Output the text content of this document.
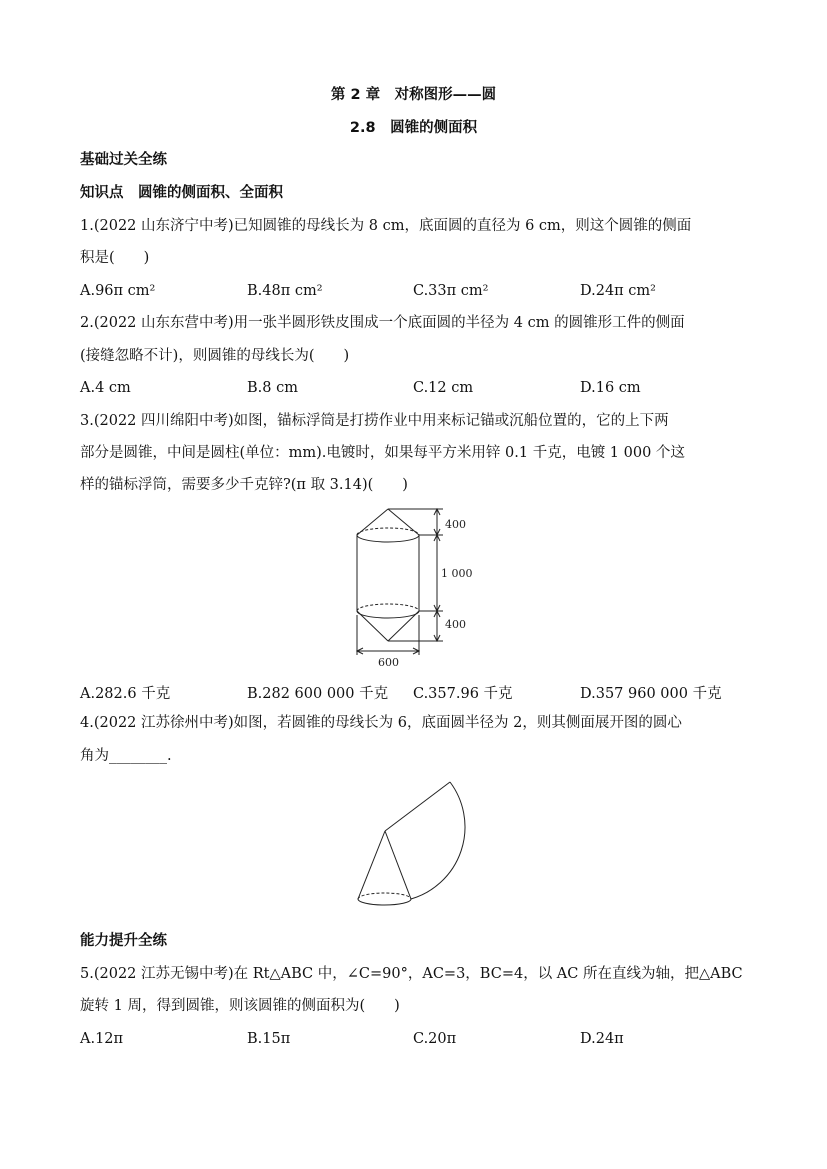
第 2 章　对称图形——圆
2.8　圆锥的侧面积
基础过关全练
知识点　圆锥的侧面积、全面积
1.(2022 山东济宁中考)已知圆锥的母线长为 8 cm，底面圆的直径为 6 cm，则这个圆锥的侧面
积是(　　)
A.96π cm²	B.48π cm²	C.33π cm²	D.24π cm²
2.(2022 山东东营中考)用一张半圆形铁皮围成一个底面圆的半径为 4 cm 的圆锥形工件的侧面
(接缝忽略不计)，则圆锥的母线长为(　　)
A.4 cm	B.8 cm	C.12 cm	D.16 cm
3.(2022 四川绵阳中考)如图，锚标浮筒是打捞作业中用来标记锚或沉船位置的，它的上下两
部分是圆锥，中间是圆柱(单位：mm).电镀时，如果每平方米用锌 0.1 千克，电镀 1 000 个这
样的锚标浮筒，需要多少千克锌?(π 取 3.14)(　　)
400
1 000
400
600
A.282.6 千克	B.282 600 000 千克 C.357.96 千克	D.357 960 000 千克
4.(2022 江苏徐州中考)如图，若圆锥的母线长为 6，底面圆半径为 2，则其侧面展开图的圆心
角为________.
能力提升全练
5.(2022 江苏无锡中考)在 Rt△ABC 中，∠C=90°，AC=3，BC=4，以 AC 所在直线为轴，把△ABC
旋转 1 周，得到圆锥，则该圆锥的侧面积为(　　)
A.12π	B.15π	C.20π	D.24π
